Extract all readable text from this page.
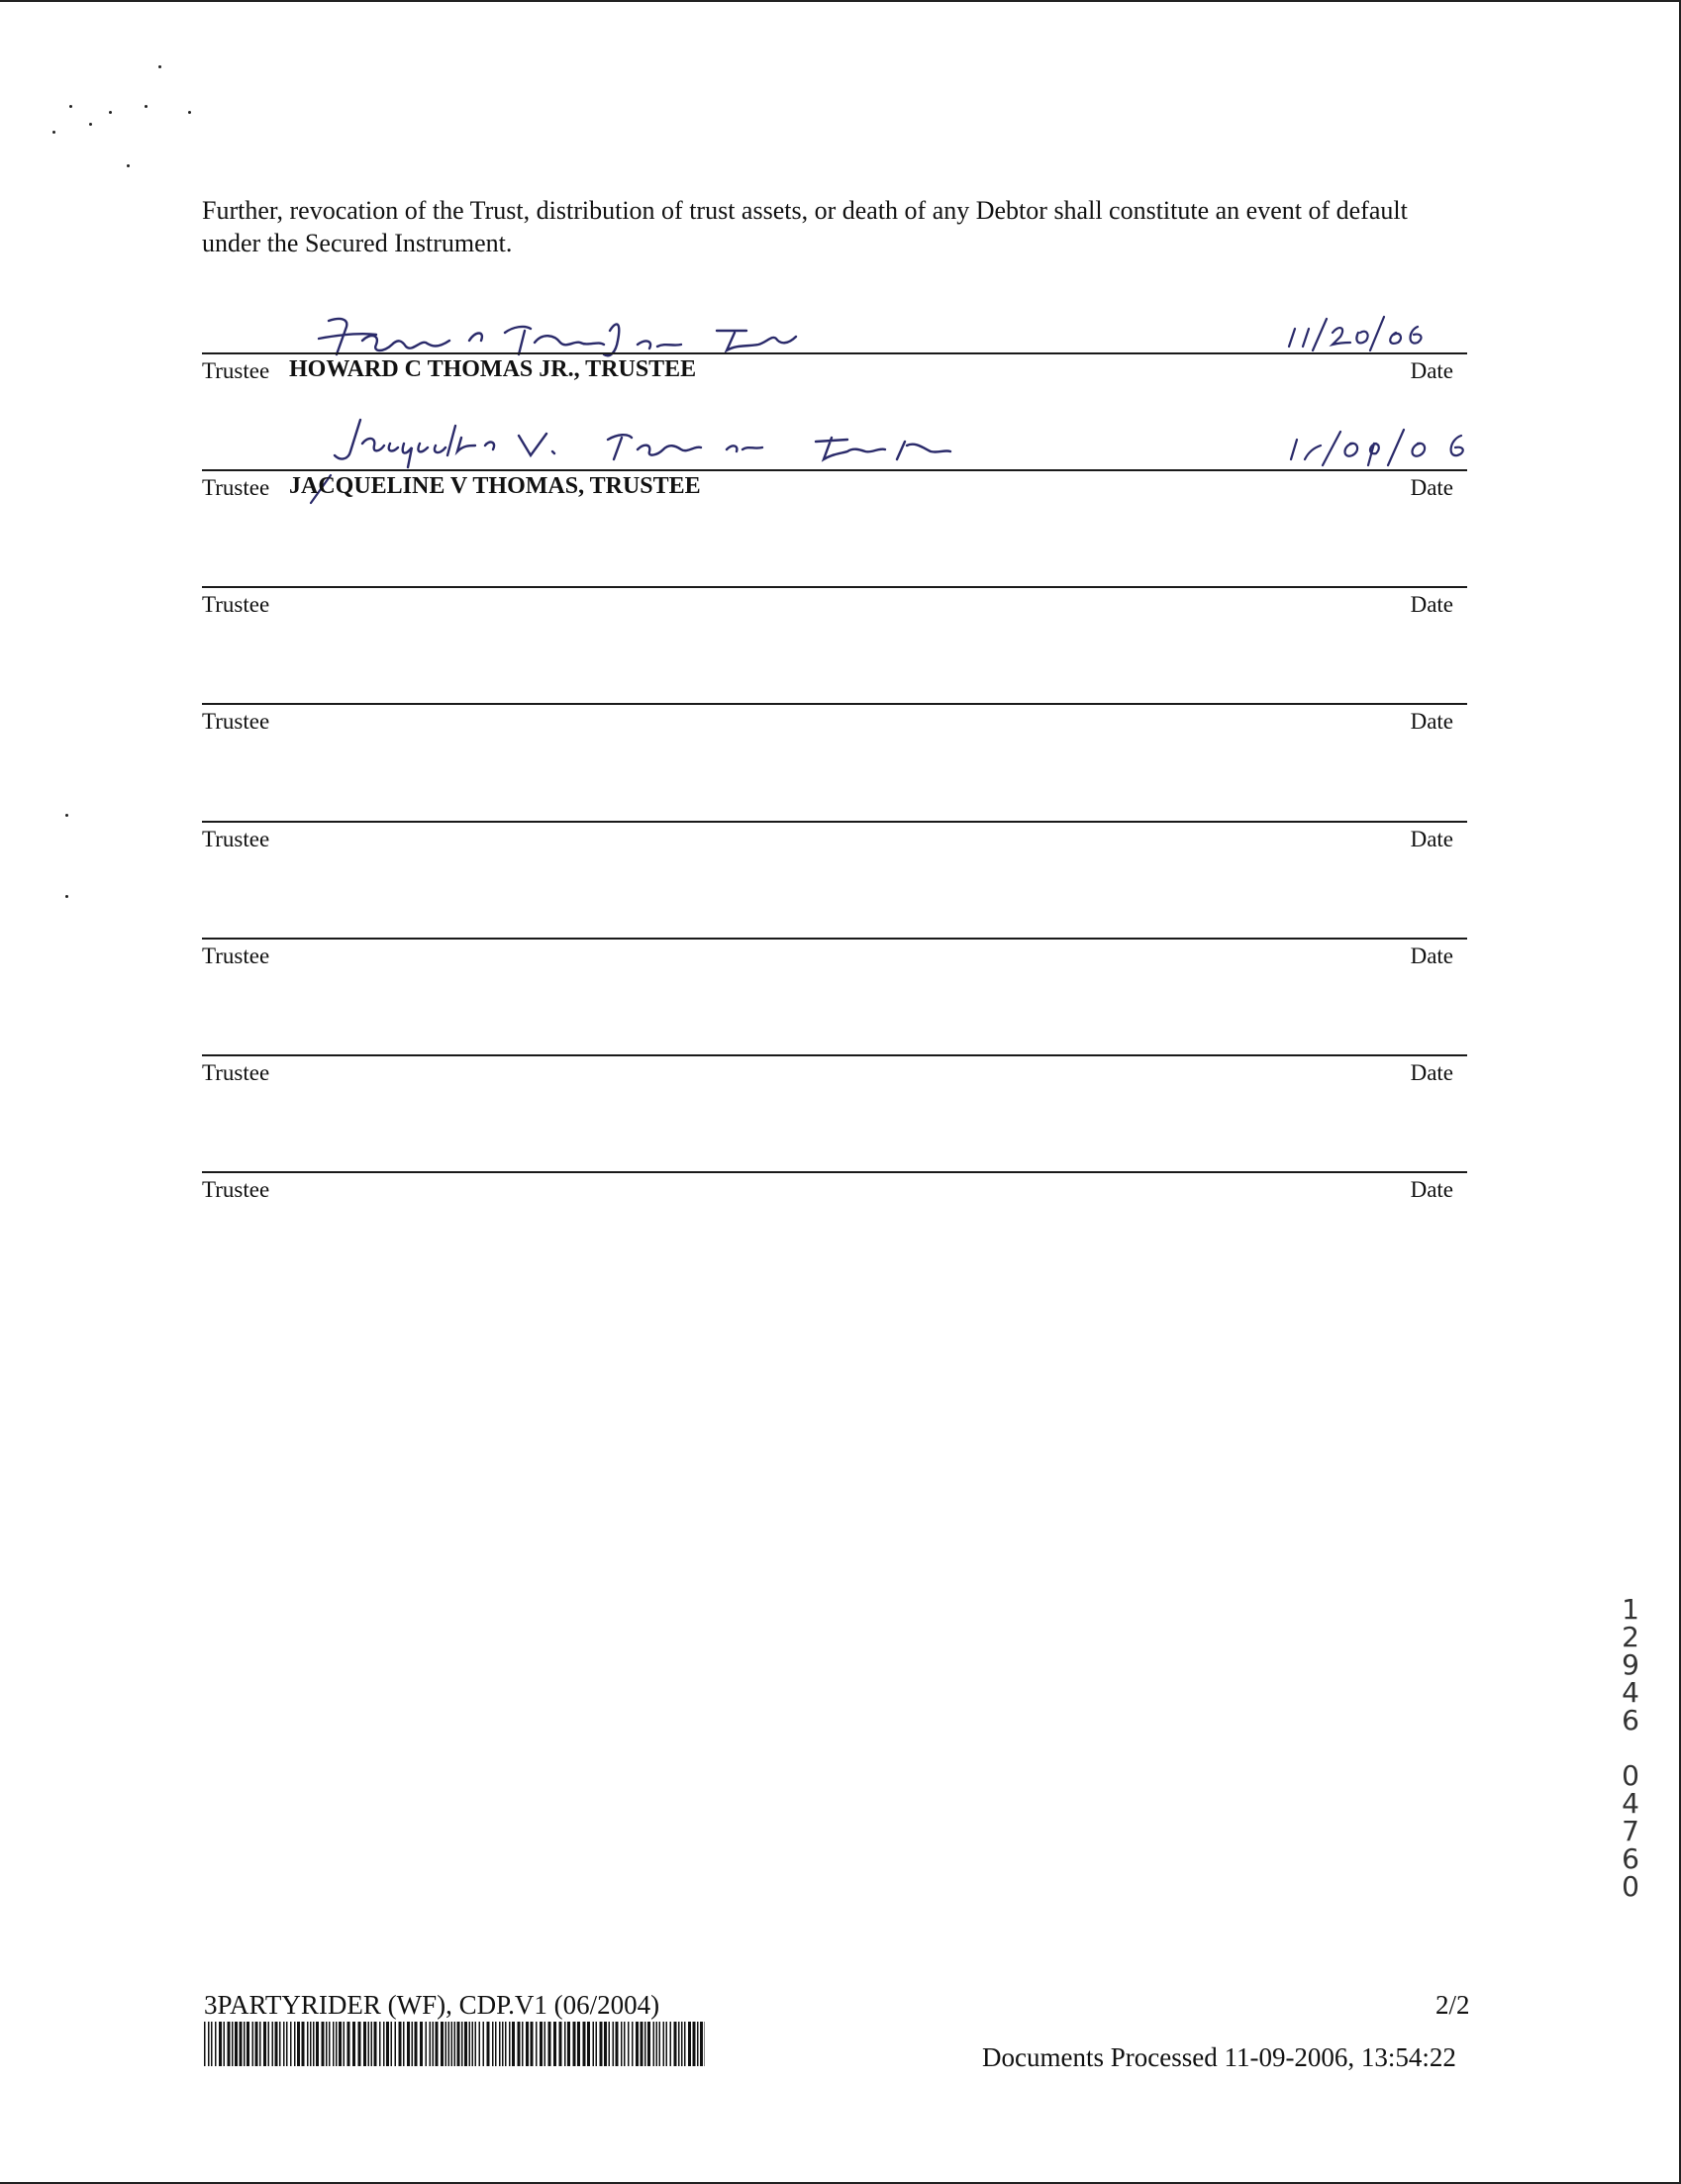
Further, revocation of the Trust, distribution of trust assets, or death of any Debtor shall constitute an event of default under the Secured Instrument.

Trustee HOWARD C THOMAS JR., TRUSTEE	Date
Trustee JACQUELINE V THOMAS, TRUSTEE	Date
Trustee	Date
Trustee	Date
Trustee	Date
Trustee	Date
Trustee	Date
Trustee	Date
1
2
9
4
6
0
4
7
6
0
3PARTYRIDER (WF), CDP.V1 (06/2004)	2/2
Documents Processed 11-09-2006, 13:54:22
